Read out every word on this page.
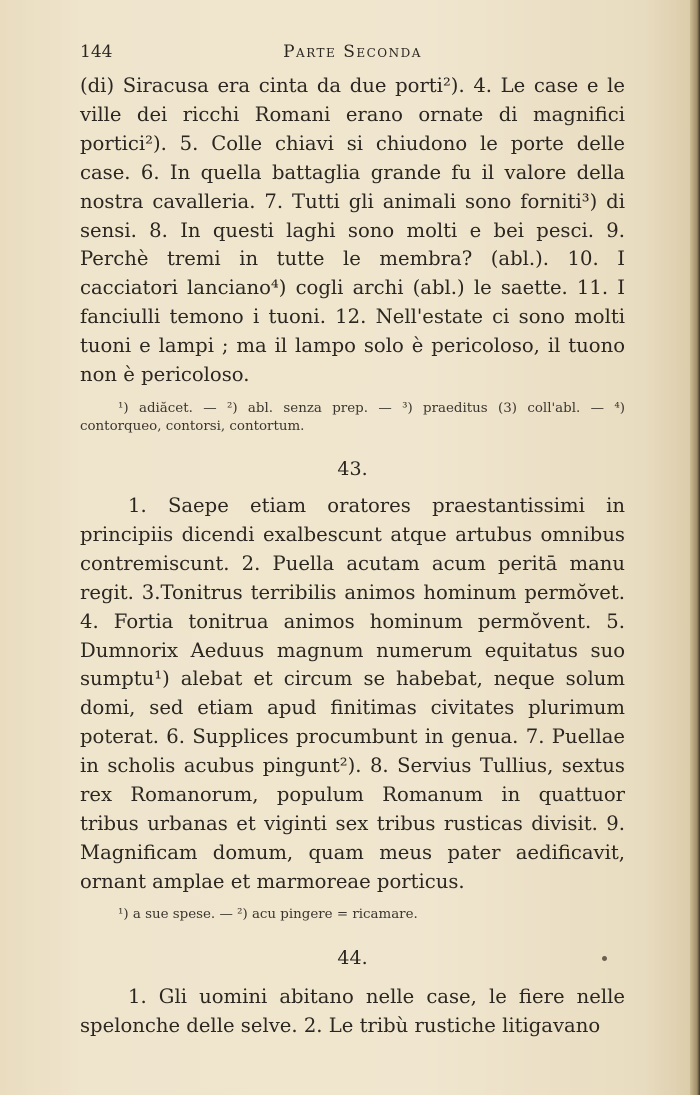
144	Parte Seconda

(di) Siracusa era cinta da due porti²). 4. Le case e le ville dei ricchi Romani erano ornate di magnifici portici²). 5. Colle chiavi si chiudono le porte delle case. 6. In quella battaglia grande fu il valore della nostra cavalleria. 7. Tutti gli animali sono forniti³) di sensi. 8. In questi laghi sono molti e bei pesci. 9. Perchè tremi in tutte le membra? (abl.). 10. I cacciatori lanciano⁴) cogli archi (abl.) le saette. 11. I fanciulli temono i tuoni. 12. Nell'estate ci sono molti tuoni e lampi ; ma il lampo solo è pericoloso, il tuono non è pericoloso.

¹) adiăcet. — ²) abl. senza prep. — ³) praeditus (3) coll'abl. — ⁴) contorqueo, contorsi, contortum.

43.

1. Saepe etiam oratores praestantissimi in principiis dicendi exalbescunt atque artubus omnibus contremiscunt. 2. Puella acutam acum peritā manu regit. 3.Tonitrus terribilis animos hominum permŏvet. 4. Fortia tonitrua animos hominum permŏvent. 5. Dumnorix Aeduus magnum numerum equitatus suo sumptu¹) alebat et circum se habebat, neque solum domi, sed etiam apud finitimas civitates plurimum poterat. 6. Supplices procumbunt in genua. 7. Puellae in scholis acubus pingunt²). 8. Servius Tullius, sextus rex Romanorum, populum Romanum in quattuor tribus urbanas et viginti sex tribus rusticas divisit. 9. Magnificam domum, quam meus pater aedificavit, ornant amplae et marmoreae porticus.

¹) a sue spese. — ²) acu pingere = ricamare.

44.

1. Gli uomini abitano nelle case, le fiere nelle spelonche delle selve. 2. Le tribù rustiche litigavano
